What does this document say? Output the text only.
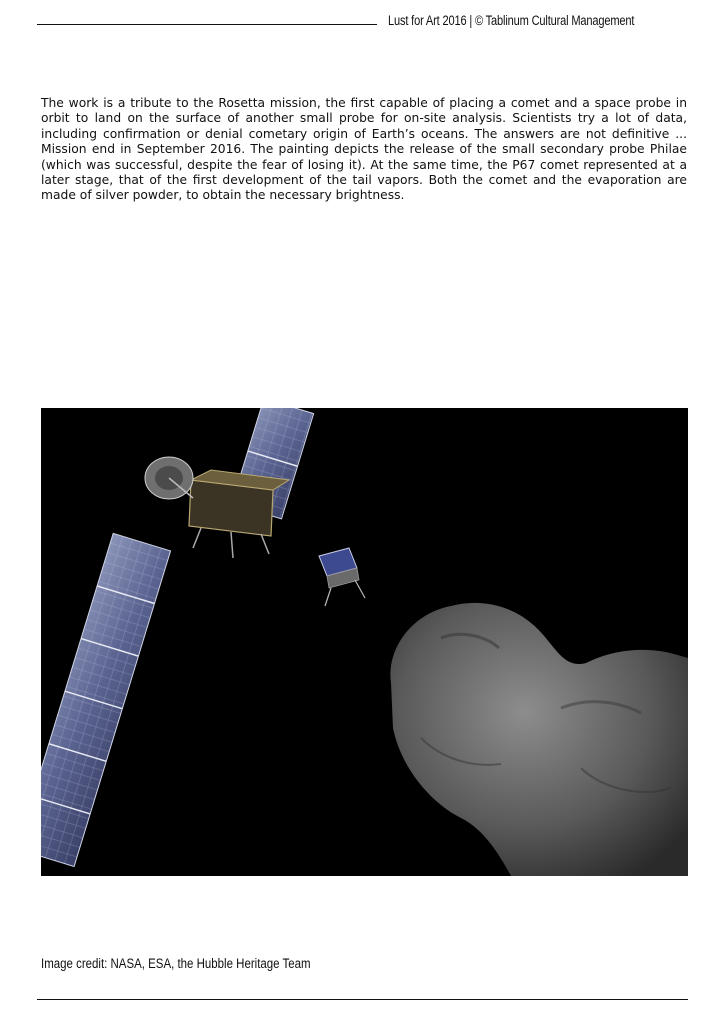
Lust for Art 2016 | © Tablinum Cultural Management
The work is a tribute to the Rosetta mission, the first capable of placing a comet and a space probe in orbit to land on the surface of another small probe for on-site analysis. Scientists try a lot of data, including confirmation or denial cometary origin of Earth’s oceans. The answers are not definitive ... Mission end in September 2016. The painting depicts the release of the small secondary probe Philae (which was successful, despite the fear of losing it). At the same time, the P67 comet represented at a later stage, that of the first development of the tail vapors. Both the comet and the evaporation are made of silver powder, to obtain the necessary brightness.
Image credit: NASA, ESA, the Hubble Heritage Team
